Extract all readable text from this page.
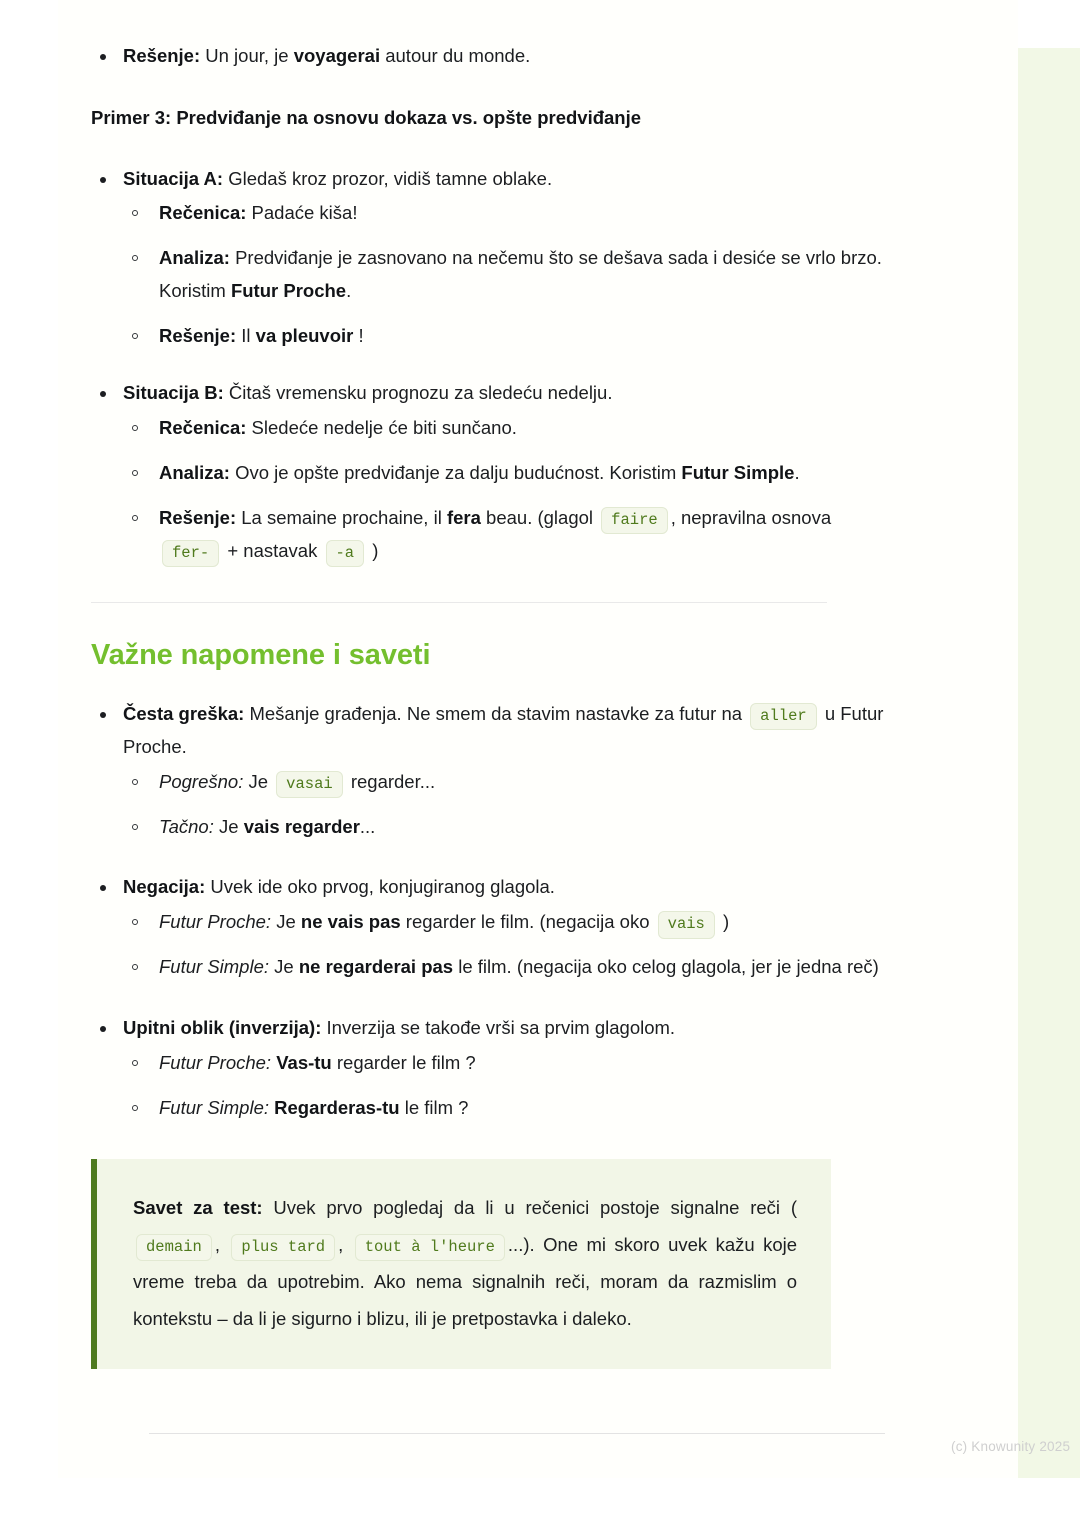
Rešenje: Un jour, je voyagerai autour du monde.

Primer 3: Predviđanje na osnovu dokaza vs. opšte predviđanje

Situacija A: Gledaš kroz prozor, vidiš tamne oblake.
Rečenica: Padaće kiša!
Analiza: Predviđanje je zasnovano na nečemu što se dešava sada i desiće se vrlo brzo. Koristim Futur Proche.
Rešenje: Il va pleuvoir !
Situacija B: Čitaš vremensku prognozu za sledeću nedelju.
Rečenica: Sledeće nedelje će biti sunčano.
Analiza: Ovo je opšte predviđanje za dalju budućnost. Koristim Futur Simple.
Rešenje: La semaine prochaine, il fera beau. (glagol faire , nepravilna osnova fer- + nastavak -a )
Važne napomene i saveti
Česta greška: Mešanje građenja. Ne smem da stavim nastavke za futur na aller u Futur Proche.
Pogrešno: Je vasai regarder...
Tačno: Je vais regarder...
Negacija: Uvek ide oko prvog, konjugiranog glagola.
Futur Proche: Je ne vais pas regarder le film. (negacija oko vais )
Futur Simple: Je ne regarderai pas le film. (negacija oko celog glagola, jer je jedna reč)
Upitni oblik (inverzija): Inverzija se takođe vrši sa prvim glagolom.
Futur Proche: Vas-tu regarder le film ?
Futur Simple: Regarderas-tu le film ?
Savet za test: Uvek prvo pogledaj da li u rečenici postoje signalne reči ( demain , plus tard , tout à l'heure ...). One mi skoro uvek kažu koje vreme treba da upotrebim. Ako nema signalnih reči, moram da razmislim o kontekstu – da li je sigurno i blizu, ili je pretpostavka i daleko.
(c) Knowunity 2025
